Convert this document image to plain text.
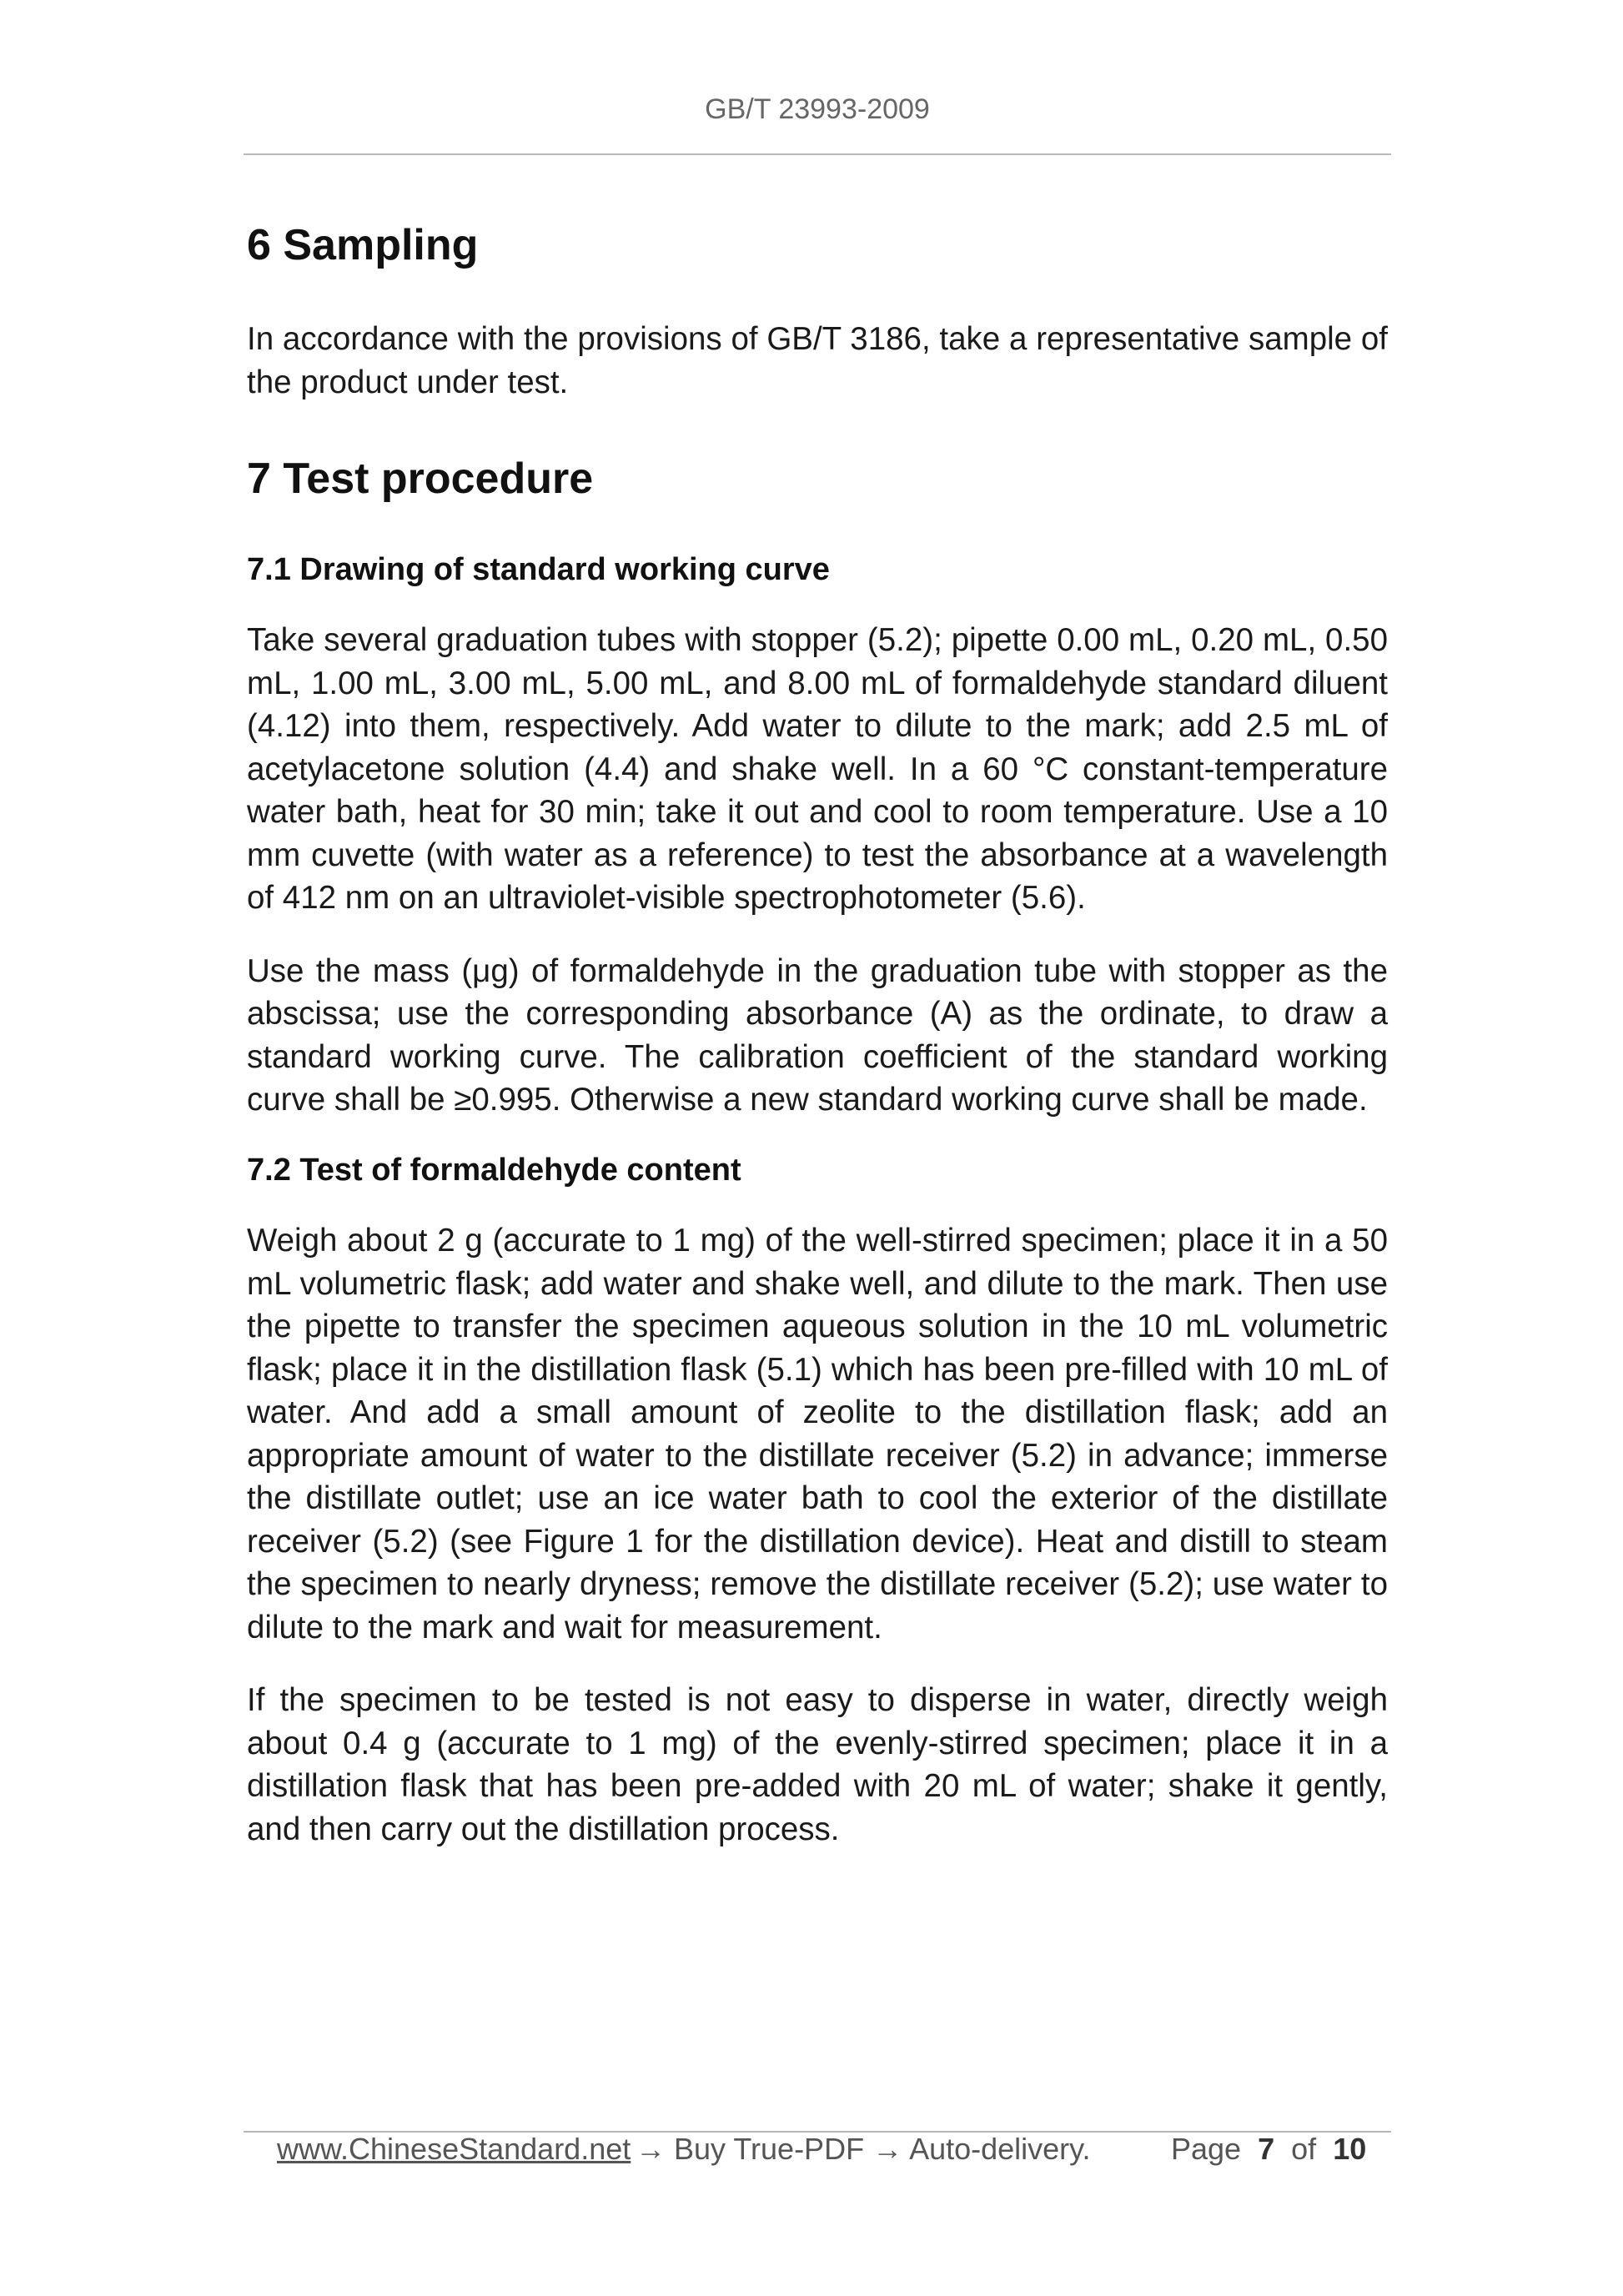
GB/T 23993-2009
6 Sampling

In accordance with the provisions of GB/T 3186, take a representative sample of the product under test.

7 Test procedure
7.1 Drawing of standard working curve

Take several graduation tubes with stopper (5.2); pipette 0.00 mL, 0.20 mL, 0.50 mL, 1.00 mL, 3.00 mL, 5.00 mL, and 8.00 mL of formaldehyde standard diluent (4.12) into them, respectively. Add water to dilute to the mark; add 2.5 mL of acetylacetone solution (4.4) and shake well. In a 60 °C constant-temperature water bath, heat for 30 min; take it out and cool to room temperature. Use a 10 mm cuvette (with water as a reference) to test the absorbance at a wavelength of 412 nm on an ultraviolet-visible spectrophotometer (5.6).

Use the mass (μg) of formaldehyde in the graduation tube with stopper as the abscissa; use the corresponding absorbance (A) as the ordinate, to draw a standard working curve. The calibration coefficient of the standard working curve shall be ≥0.995. Otherwise a new standard working curve shall be made.

7.2 Test of formaldehyde content

Weigh about 2 g (accurate to 1 mg) of the well-stirred specimen; place it in a 50 mL volumetric flask; add water and shake well, and dilute to the mark. Then use the pipette to transfer the specimen aqueous solution in the 10 mL volumetric flask; place it in the distillation flask (5.1) which has been pre-filled with 10 mL of water. And add a small amount of zeolite to the distillation flask; add an appropriate amount of water to the distillate receiver (5.2) in advance; immerse the distillate outlet; use an ice water bath to cool the exterior of the distillate receiver (5.2) (see Figure 1 for the distillation device). Heat and distill to steam the specimen to nearly dryness; remove the distillate receiver (5.2); use water to dilute to the mark and wait for measurement.

If the specimen to be tested is not easy to disperse in water, directly weigh about 0.4 g (accurate to 1 mg) of the evenly-stirred specimen; place it in a distillation flask that has been pre-added with 20 mL of water; shake it gently, and then carry out the distillation process.

www.ChineseStandard.net → Buy True-PDF → Auto-delivery.	Page 7 of 10
